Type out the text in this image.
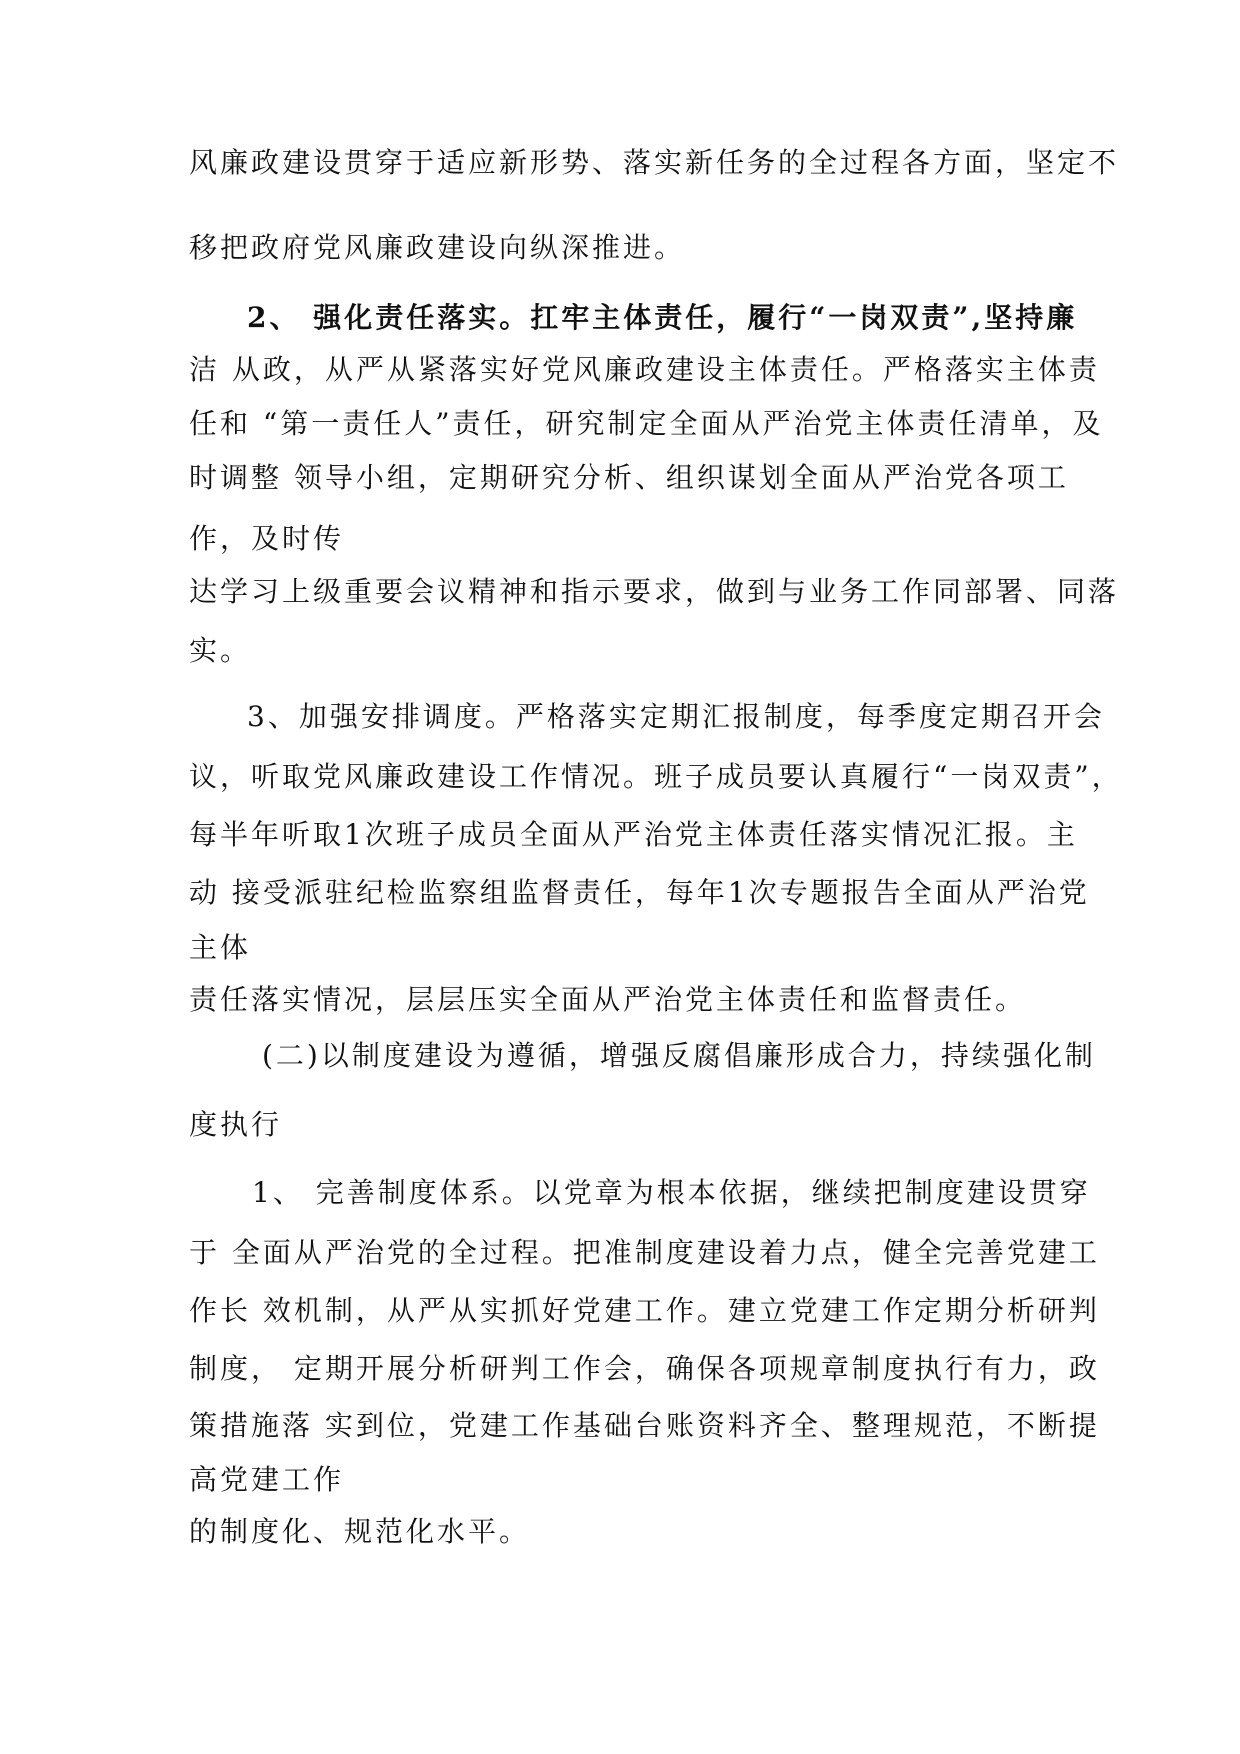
风廉政建设贯穿于适应新形势、落实新任务的全过程各方面，坚定不
移把政府党风廉政建设向纵深推进。
2、 强化责任落实。扛牢主体责任，履行“一岗双责”,坚持廉
洁 从政，从严从紧落实好党风廉政建设主体责任。严格落实主体责
任和 “第一责任人”责任，研究制定全面从严治党主体责任清单，及
时调整 领导小组，定期研究分析、组织谋划全面从严治党各项工
作，及时传
达学习上级重要会议精神和指示要求，做到与业务工作同部署、同落
实。
3、加强安排调度。严格落实定期汇报制度，每季度定期召开会
议，听取党风廉政建设工作情况。班子成员要认真履行“一岗双责”，
每半年听取1次班子成员全面从严治党主体责任落实情况汇报。主
动 接受派驻纪检监察组监督责任，每年1次专题报告全面从严治党
主体
责任落实情况，层层压实全面从严治党主体责任和监督责任。
(二)以制度建设为遵循，增强反腐倡廉形成合力，持续强化制
度执行
1、 完善制度体系。以党章为根本依据，继续把制度建设贯穿
于 全面从严治党的全过程。把准制度建设着力点，健全完善党建工
作长 效机制，从严从实抓好党建工作。建立党建工作定期分析研判
制度， 定期开展分析研判工作会，确保各项规章制度执行有力，政
策措施落 实到位，党建工作基础台账资料齐全、整理规范，不断提
高党建工作
的制度化、规范化水平。
